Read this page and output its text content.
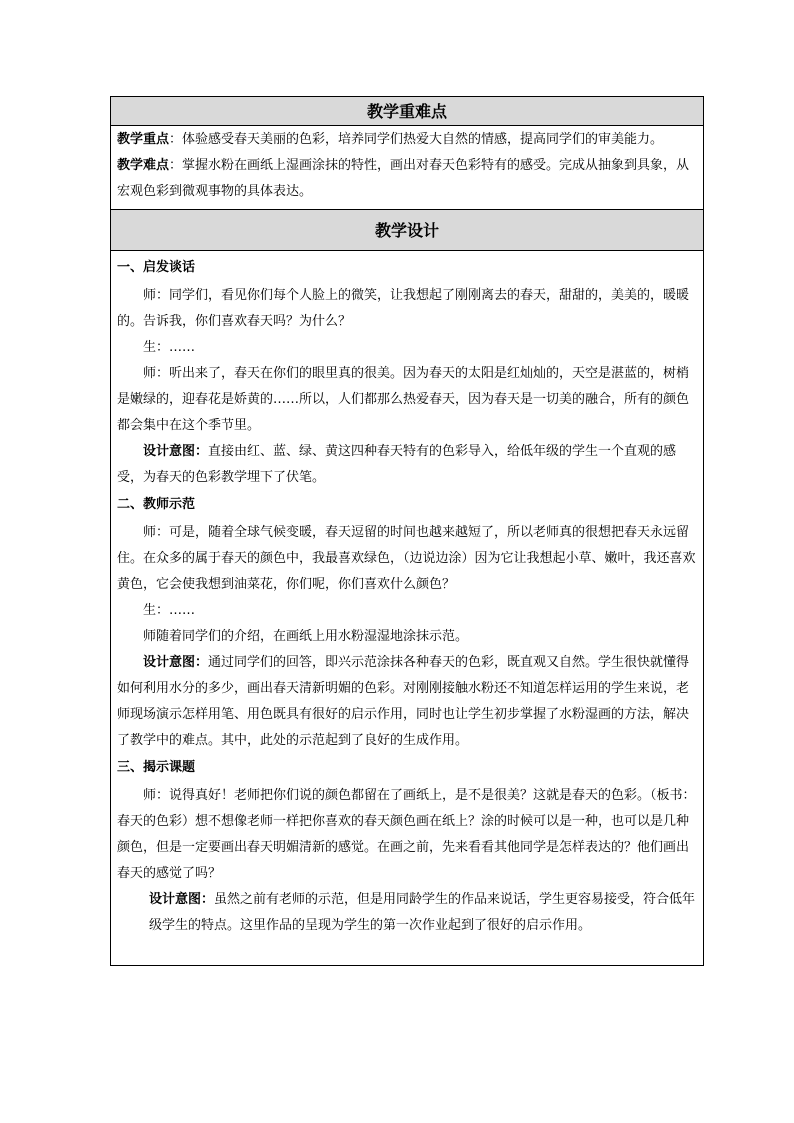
教学重难点

教学重点：体验感受春天美丽的色彩，培养同学们热爱大自然的情感，提高同学们的审美能力。

教学难点：掌握水粉在画纸上湿画涂抹的特性，画出对春天色彩特有的感受。完成从抽象到具象，从宏观色彩到微观事物的具体表达。

教学设计

一、启发谈话

师：同学们，看见你们每个人脸上的微笑，让我想起了刚刚离去的春天，甜甜的，美美的，暖暖的。告诉我，你们喜欢春天吗？为什么？

生：……

师：听出来了，春天在你们的眼里真的很美。因为春天的太阳是红灿灿的，天空是湛蓝的，树梢是嫩绿的，迎春花是娇黄的……所以，人们都那么热爱春天，因为春天是一切美的融合，所有的颜色都会集中在这个季节里。

设计意图：直接由红、蓝、绿、黄这四种春天特有的色彩导入，给低年级的学生一个直观的感受，为春天的色彩教学埋下了伏笔。

二、教师示范

师：可是，随着全球气候变暖，春天逗留的时间也越来越短了，所以老师真的很想把春天永远留住。在众多的属于春天的颜色中，我最喜欢绿色，（边说边涂）因为它让我想起小草、嫩叶，我还喜欢黄色，它会使我想到油菜花，你们呢，你们喜欢什么颜色？

生：……

师随着同学们的介绍，在画纸上用水粉湿湿地涂抹示范。

设计意图：通过同学们的回答，即兴示范涂抹各种春天的色彩，既直观又自然。学生很快就懂得如何利用水分的多少，画出春天清新明媚的色彩。对刚刚接触水粉还不知道怎样运用的学生来说，老师现场演示怎样用笔、用色既具有很好的启示作用，同时也让学生初步掌握了水粉湿画的方法，解决了教学中的难点。其中，此处的示范起到了良好的生成作用。

三、揭示课题

师：说得真好！老师把你们说的颜色都留在了画纸上，是不是很美？这就是春天的色彩。（板书：春天的色彩）想不想像老师一样把你喜欢的春天颜色画在纸上？涂的时候可以是一种，也可以是几种颜色，但是一定要画出春天明媚清新的感觉。在画之前，先来看看其他同学是怎样表达的？他们画出春天的感觉了吗？

设计意图：虽然之前有老师的示范，但是用同龄学生的作品来说话，学生更容易接受，符合低年级学生的特点。这里作品的呈现为学生的第一次作业起到了很好的启示作用。
